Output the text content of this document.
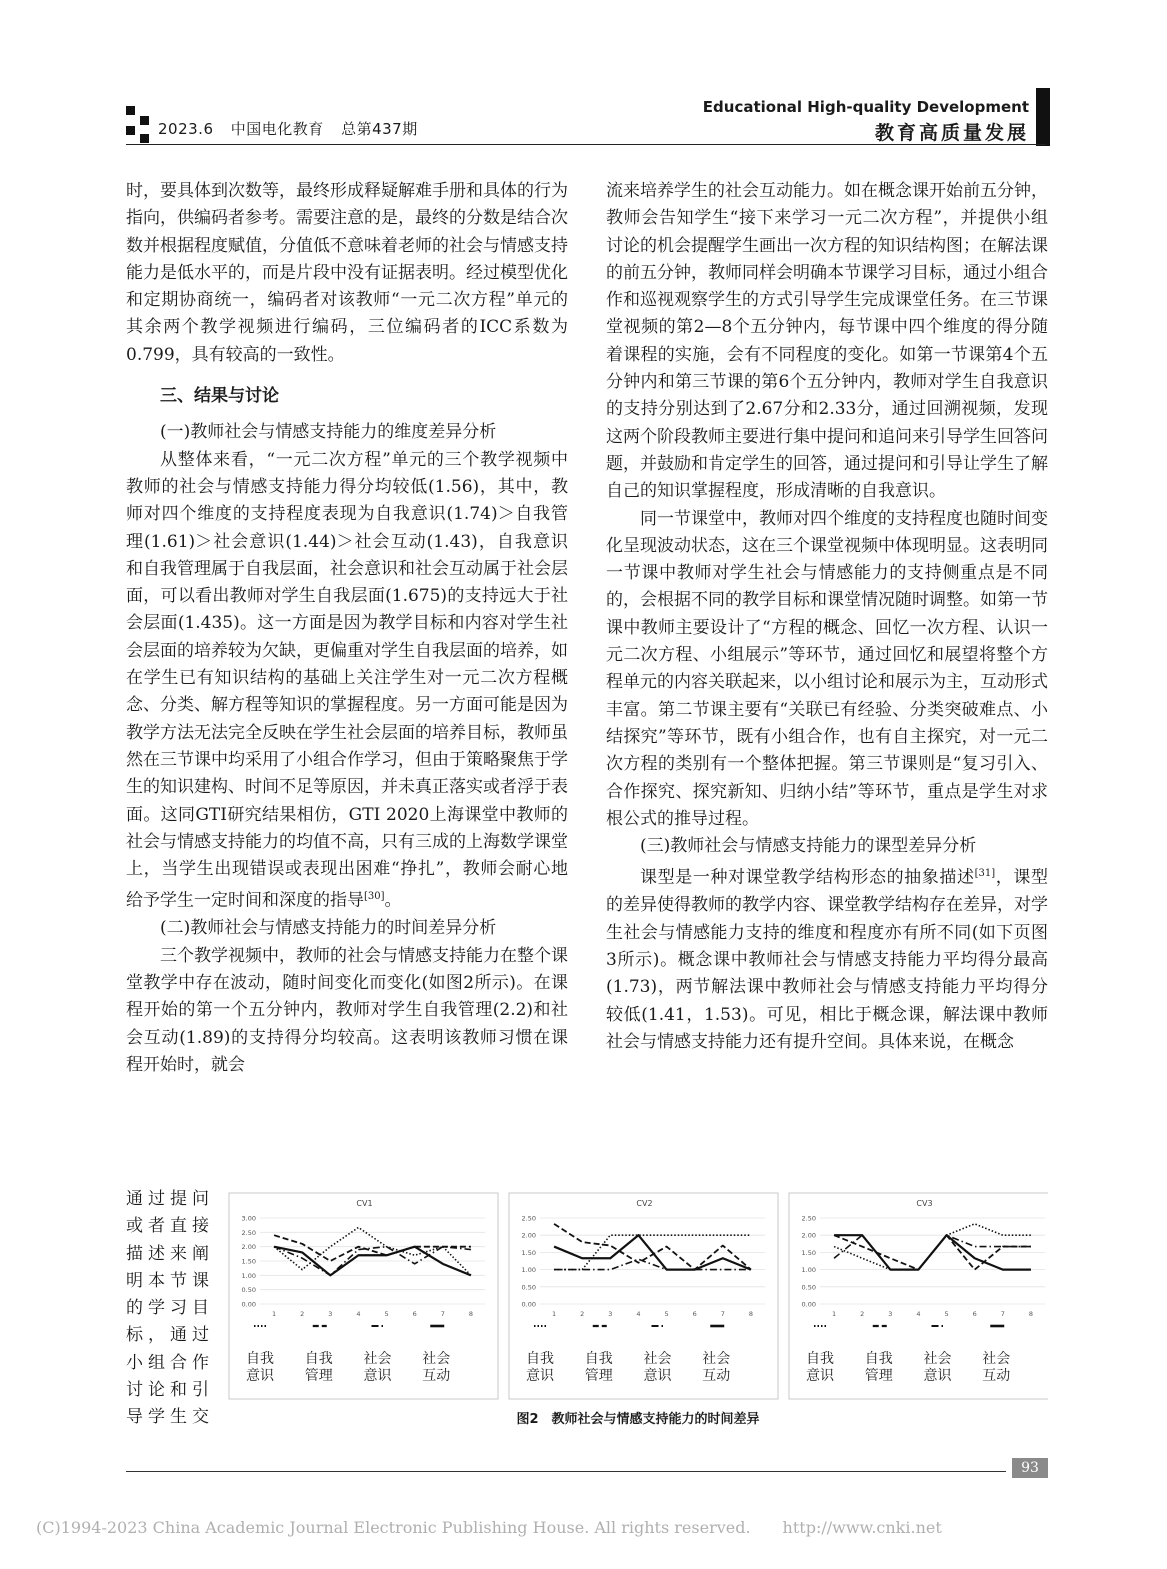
2023.6 中国电化教育 总第437期
Educational High-quality Development
教育高质量发展

时，要具体到次数等，最终形成释疑解难手册和具体的行为指向，供编码者参考。需要注意的是，最终的分数是结合次数并根据程度赋值，分值低不意味着老师的社会与情感支持能力是低水平的，而是片段中没有证据表明。经过模型优化和定期协商统一，编码者对该教师“一元二次方程”单元的其余两个教学视频进行编码，三位编码者的ICC系数为0.799，具有较高的一致性。

三、结果与讨论

(一)教师社会与情感支持能力的维度差异分析

从整体来看，“一元二次方程”单元的三个教学视频中教师的社会与情感支持能力得分均较低(1.56)，其中，教师对四个维度的支持程度表现为自我意识(1.74)＞自我管理(1.61)＞社会意识(1.44)＞社会互动(1.43)，自我意识和自我管理属于自我层面，社会意识和社会互动属于社会层面，可以看出教师对学生自我层面(1.675)的支持远大于社会层面(1.435)。这一方面是因为教学目标和内容对学生社会层面的培养较为欠缺，更偏重对学生自我层面的培养，如在学生已有知识结构的基础上关注学生对一元二次方程概念、分类、解方程等知识的掌握程度。另一方面可能是因为教学方法无法完全反映在学生社会层面的培养目标，教师虽然在三节课中均采用了小组合作学习，但由于策略聚焦于学生的知识建构、时间不足等原因，并未真正落实或者浮于表面。这同GTI研究结果相仿，GTI 2020上海课堂中教师的社会与情感支持能力的均值不高，只有三成的上海数学课堂上，当学生出现错误或表现出困难“挣扎”，教师会耐心地给予学生一定时间和深度的指导[30]。

(二)教师社会与情感支持能力的时间差异分析

三个教学视频中，教师的社会与情感支持能力在整个课堂教学中存在波动，随时间变化而变化(如图2所示)。在课程开始的第一个五分钟内，教师对学生自我管理(2.2)和社会互动(1.89)的支持得分均较高。这表明该教师习惯在课程开始时，就会

通过提问
或者直接
描述来阐
明本节课
的学习目
标，通过
小组合作
讨论和引
导学生交

流来培养学生的社会互动能力。如在概念课开始前五分钟，教师会告知学生“接下来学习一元二次方程”，并提供小组讨论的机会提醒学生画出一次方程的知识结构图；在解法课的前五分钟，教师同样会明确本节课学习目标，通过小组合作和巡视观察学生的方式引导学生完成课堂任务。在三节课堂视频的第2—8个五分钟内，每节课中四个维度的得分随着课程的实施，会有不同程度的变化。如第一节课第4个五分钟内和第三节课的第6个五分钟内，教师对学生自我意识的支持分别达到了2.67分和2.33分，通过回溯视频，发现这两个阶段教师主要进行集中提问和追问来引导学生回答问题，并鼓励和肯定学生的回答，通过提问和引导让学生了解自己的知识掌握程度，形成清晰的自我意识。

同一节课堂中，教师对四个维度的支持程度也随时间变化呈现波动状态，这在三个课堂视频中体现明显。这表明同一节课中教师对学生社会与情感能力的支持侧重点是不同的，会根据不同的教学目标和课堂情况随时调整。如第一节课中教师主要设计了“方程的概念、回忆一次方程、认识一元二次方程、小组展示”等环节，通过回忆和展望将整个方程单元的内容关联起来，以小组讨论和展示为主，互动形式丰富。第二节课主要有“关联已有经验、分类突破难点、小结探究”等环节，既有小组合作，也有自主探究，对一元二次方程的类别有一个整体把握。第三节课则是“复习引入、合作探究、探究新知、归纳小结”等环节，重点是学生对求根公式的推导过程。

(三)教师社会与情感支持能力的课型差异分析

课型是一种对课堂教学结构形态的抽象描述[31]，课型的差异使得教师的教学内容、课堂教学结构存在差异，对学生社会与情感能力支持的维度和程度亦有所不同(如下页图3所示)。概念课中教师社会与情感支持能力平均得分最高(1.73)，两节解法课中教师社会与情感支持能力平均得分较低(1.41，1.53)。可见，相比于概念课，解法课中教师社会与情感支持能力还有提升空间。具体来说，在概念

CV1
0.00
0.50
1.00
1.50
2.00
2.50
3.00
1	2	3	4	5	6	7	8
自我
意识
自我
管理
社会
意识
社会
互动
CV2
0.00
0.50
1.00
1.50
2.00
2.50
1	2	3	4	5	6	7	8
自我
意识
自我
管理
社会
意识
社会
互动
CV3
0.00
0.50
1.00
1.50
2.00
2.50
1	2	3	4	5	6	7	8
自我
意识
自我
管理
社会
意识
社会
互动
图2　教师社会与情感支持能力的时间差异
93
(C)1994-2023 China Academic Journal Electronic Publishing House. All rights reserved.　　http://www.cnki.net
